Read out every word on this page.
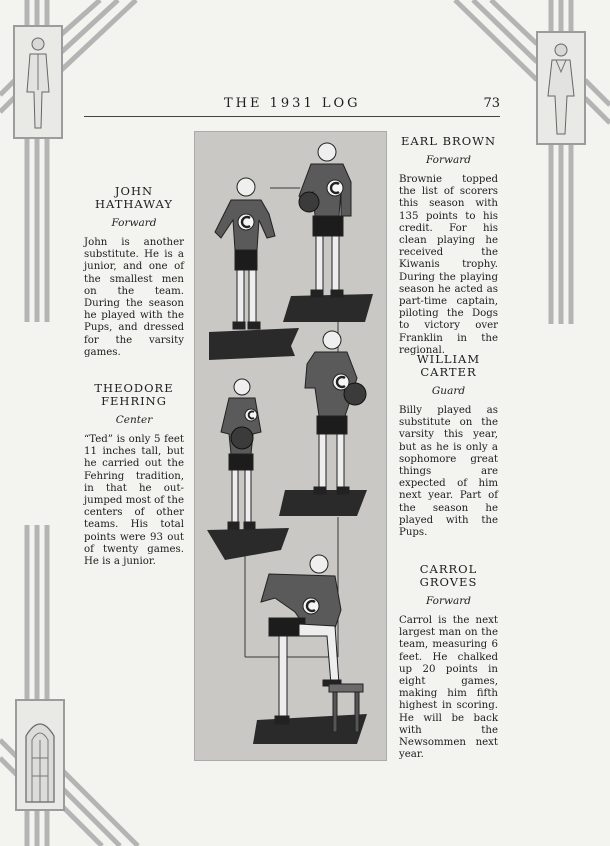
THE 1931 LOG	73
JOHN
HATHAWAY
Forward
John is another substitute. He is a junior, and one of the smallest men on the team. During the season he played with the Pups, and dressed for the varsity games.
THEODORE
FEHRING
Center
“Ted” is only 5 feet 11 inches tall, but he carried out the Fehring tradition, in that he out-jumped most of the centers of other teams. His total points were 93 out of twenty games. He is a junior.
EARL BROWN
Forward
Brownie topped the list of scorers this season with 135 points to his credit. For his clean playing he received the Kiwanis trophy. During the playing season he acted as part-time captain, piloting the Dogs to victory over Franklin in the regional.
WILLIAM
CARTER
Guard
Billy played as substitute on the varsity this year, but as he is only a sophomore great things are expected of him next year. Part of the season he played with the Pups.
CARROL
GROVES
Forward
Carrol is the next largest man on the team, measuring 6 feet. He chalked up 20 points in eight games, making him fifth highest in scoring. He will be back with the Newsommen next year.
